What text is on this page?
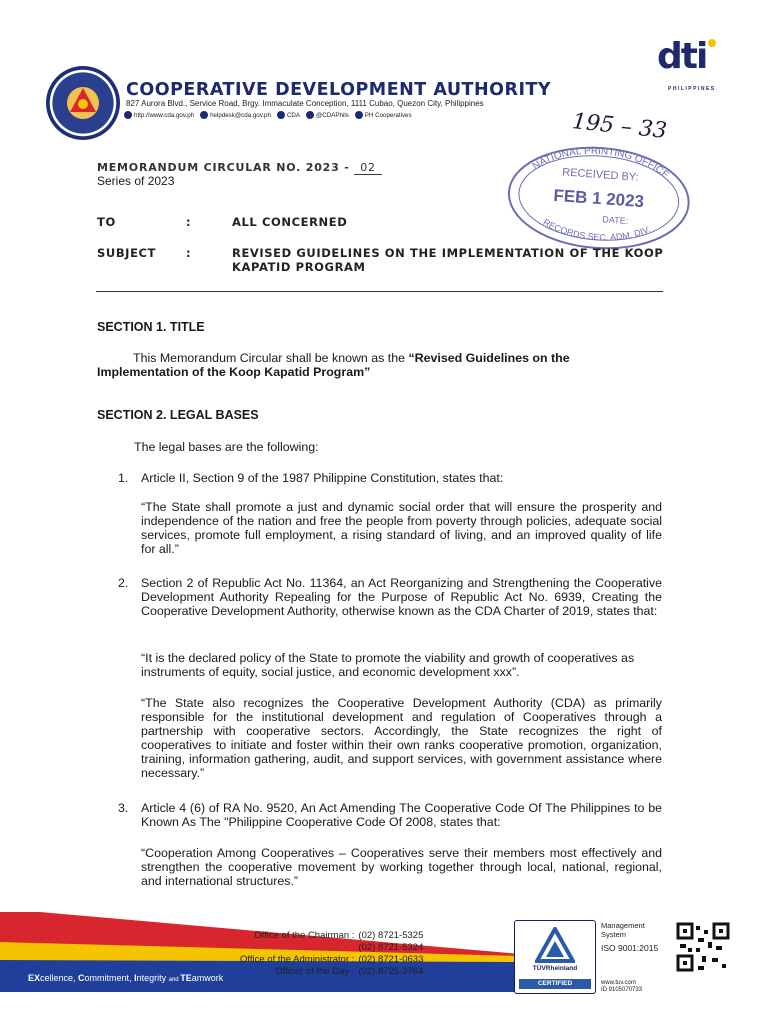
COOPERATIVE DEVELOPMENT AUTHORITY
827 Aurora Blvd., Service Road, Brgy. Immaculate Conception, 1111 Cubao, Quezon City, Philippines
http://www.cda.gov.ph	helpdesk@cda.gov.ph	CDA	@CDAPhils	PH Cooperatives
dti
PHILIPPINES
195 – 33
NATIONAL PRINTING OFFICE
RECEIVED BY:
FEB 1 2023
DATE:
RECORDS SEC. ADM. DIV.
MEMORANDUM CIRCULAR NO. 2023 - 02
Series of 2023
TO	:	ALL CONCERNED
SUBJECT	:	REVISED GUIDELINES ON THE IMPLEMENTATION OF THE KOOP KAPATID PROGRAM
SECTION 1. TITLE
This Memorandum Circular shall be known as the “Revised Guidelines on the Implementation of the Koop Kapatid Program”
SECTION 2. LEGAL BASES
The legal bases are the following:
1. Article II, Section 9 of the 1987 Philippine Constitution, states that:
“The State shall promote a just and dynamic social order that will ensure the prosperity and independence of the nation and free the people from poverty through policies, adequate social services, promote full employment, a rising standard of living, and an improved quality of life for all.”
2. Section 2 of Republic Act No. 11364, an Act Reorganizing and Strengthening the Cooperative Development Authority Repealing for the Purpose of Republic Act No. 6939, Creating the Cooperative Development Authority, otherwise known as the CDA Charter of 2019, states that:
“It is the declared policy of the State to promote the viability and growth of cooperatives as instruments of equity, social justice, and economic development xxx”.
“The State also recognizes the Cooperative Development Authority (CDA) as primarily responsible for the institutional development and regulation of Cooperatives through a partnership with cooperative sectors. Accordingly, the State recognizes the right of cooperatives to initiate and foster within their own ranks cooperative promotion, organization, training, information gathering, audit, and support services, with government assistance where necessary.”
3. Article 4 (6) of RA No. 9520, An Act Amending The Cooperative Code Of The Philippines to be Known As The "Philippine Cooperative Code Of 2008, states that:
“Cooperation Among Cooperatives – Cooperatives serve their members most effectively and strengthen the cooperative movement by working together through local, national, regional, and international structures.”
EXcellence, Commitment, Integrity and TEamwork
Office of the Chairman : (02) 8721-5325
(02) 8721-5324
Office of the Administrator : (02) 8721-0633
Officer of the Day : (02) 8725-3764	TÜVRheinland
CERTIFIED
Management System
ISO 9001:2015
www.tuv.com
ID 9105070733
